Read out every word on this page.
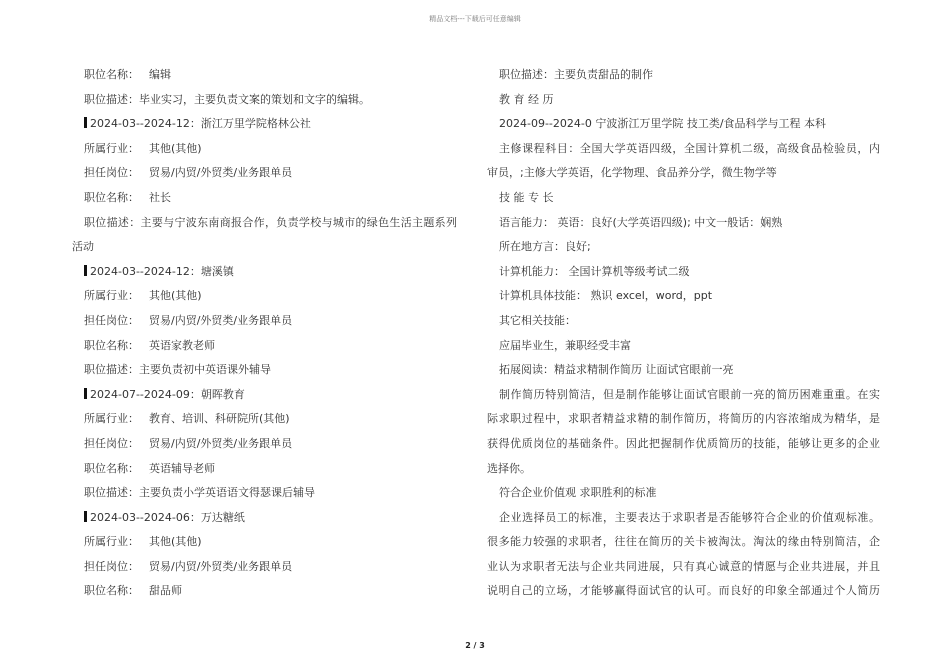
精品文档---下载后可任意编辑
职位名称： 编辑
职位描述：毕业实习，主要负责文案的策划和文字的编辑。
2024-03--2024-12：浙江万里学院格林公社
所属行业： 其他(其他)
担任岗位： 贸易/内贸/外贸类/业务跟单员
职位名称： 社长
职位描述：主要与宁波东南商报合作，负责学校与城市的绿色生活主题系列
活动
2024-03--2024-12：塘溪镇
所属行业： 其他(其他)
担任岗位： 贸易/内贸/外贸类/业务跟单员
职位名称： 英语家教老师
职位描述：主要负责初中英语课外辅导
2024-07--2024-09：朝晖教育
所属行业： 教育、培训、科研院所(其他)
担任岗位： 贸易/内贸/外贸类/业务跟单员
职位名称： 英语辅导老师
职位描述：主要负责小学英语语文得瑟课后辅导
2024-03--2024-06：万达糖纸
所属行业： 其他(其他)
担任岗位： 贸易/内贸/外贸类/业务跟单员
职位名称： 甜品师
职位描述：主要负责甜品的制作
教 育 经 历
2024-09--2024-0 宁波浙江万里学院 技工类/食品科学与工程 本科
主修课程科目：全国大学英语四级，全国计算机二级，高级食品检验员，内
审员，;主修大学英语，化学物理、食品养分学，微生物学等
技 能 专 长
语言能力： 英语：良好(大学英语四级); 中文一般话：娴熟
所在地方言：良好;
计算机能力： 全国计算机等级考试二级
计算机具体技能： 熟识 excel，word，ppt
其它相关技能：
应届毕业生，兼职经受丰富
拓展阅读：精益求精制作简历 让面试官眼前一亮
制作简历特别简洁，但是制作能够让面试官眼前一亮的简历困难重重。在实
际求职过程中，求职者精益求精的制作简历，将简历的内容浓缩成为精华，是
获得优质岗位的基础条件。因此把握制作优质简历的技能，能够让更多的企业
选择你。
符合企业价值观 求职胜利的标准
企业选择员工的标准，主要表达于求职者是否能够符合企业的价值观标准。
很多能力较强的求职者，往往在简历的关卡被淘汰。淘汰的缘由特别简洁，企
业认为求职者无法与企业共同进展，只有真心诚意的情愿与企业共进展，并且
说明自己的立场，才能够赢得面试官的认可。而良好的印象全部通过个人简历
2 / 3
